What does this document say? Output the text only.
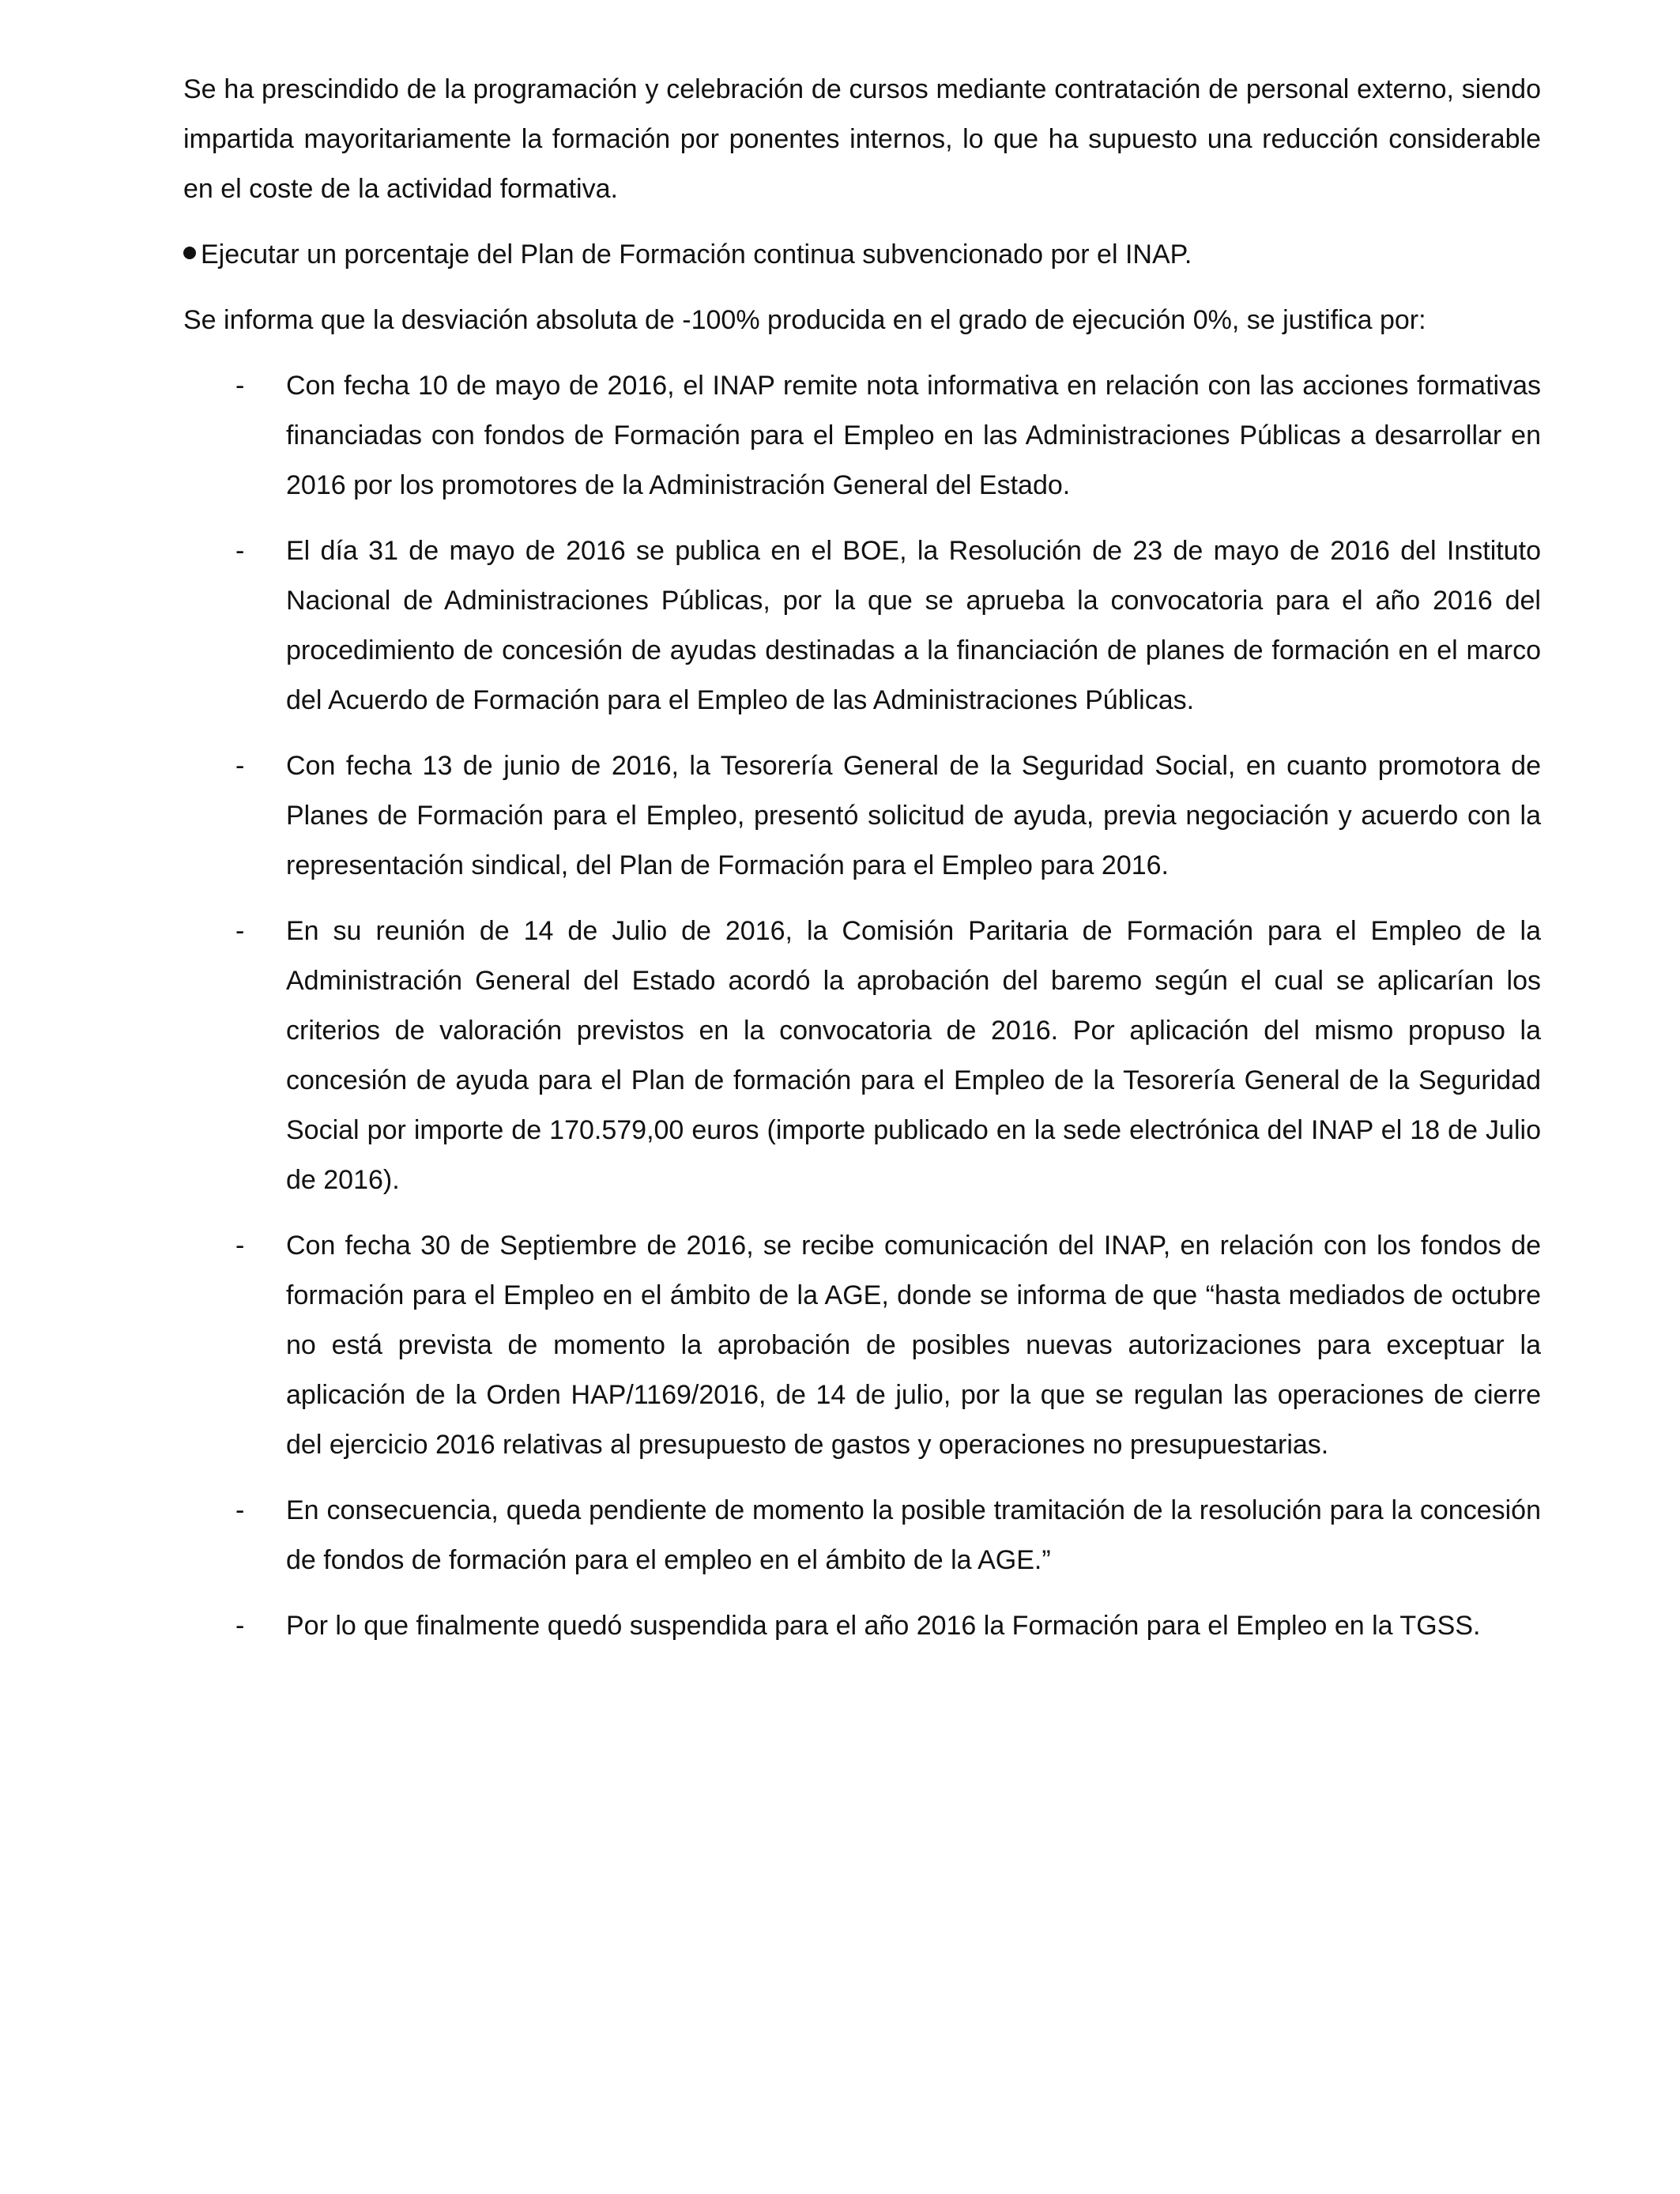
Se ha prescindido de la programación y celebración de cursos mediante contratación de personal externo, siendo impartida mayoritariamente la formación por ponentes internos, lo que ha supuesto una reducción considerable en el coste de la actividad formativa.

Ejecutar un porcentaje del Plan de Formación continua subvencionado por el INAP.

Se informa que la desviación absoluta de -100% producida en el grado de ejecución 0%, se justifica por:

- Con fecha 10 de mayo de 2016, el INAP remite nota informativa en relación con las acciones formativas financiadas con fondos de Formación para el Empleo en las Administraciones Públicas a desarrollar en 2016 por los promotores de la Administración General del Estado.
- El día 31 de mayo de 2016 se publica en el BOE, la Resolución de 23 de mayo de 2016 del Instituto Nacional de Administraciones Públicas, por la que se aprueba la convocatoria para el año 2016 del procedimiento de concesión de ayudas destinadas a la financiación de planes de formación en el marco del Acuerdo de Formación para el Empleo de las Administraciones Públicas.
- Con fecha 13 de junio de 2016, la Tesorería General de la Seguridad Social, en cuanto promotora de Planes de Formación para el Empleo, presentó solicitud de ayuda, previa negociación y acuerdo con la representación sindical, del Plan de Formación para el Empleo para 2016.
- En su reunión de 14 de Julio de 2016, la Comisión Paritaria de Formación para el Empleo de la Administración General del Estado acordó la aprobación del baremo según el cual se aplicarían los criterios de valoración previstos en la convocatoria de 2016. Por aplicación del mismo propuso la concesión de ayuda para el Plan de formación para el Empleo de la Tesorería General de la Seguridad Social por importe de 170.579,00 euros (importe publicado en la sede electrónica del INAP el 18 de Julio de 2016).
- Con fecha 30 de Septiembre de 2016, se recibe comunicación del INAP, en relación con los fondos de formación para el Empleo en el ámbito de la AGE, donde se informa de que “hasta mediados de octubre no está prevista de momento la aprobación de posibles nuevas autorizaciones para exceptuar la aplicación de la Orden HAP/1169/2016, de 14 de julio, por la que se regulan las operaciones de cierre del ejercicio 2016 relativas al presupuesto de gastos y operaciones no presupuestarias.
- En consecuencia, queda pendiente de momento la posible tramitación de la resolución para la concesión de fondos de formación para el empleo en el ámbito de la AGE.”
- Por lo que finalmente quedó suspendida para el año 2016 la Formación para el Empleo en la TGSS.
